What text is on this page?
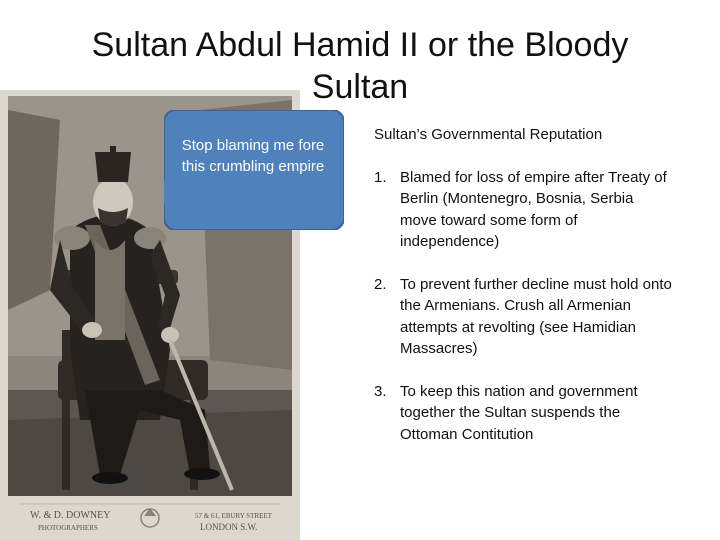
Sultan Abdul Hamid II or the Bloody Sultan
W. & D. DOWNEY
PHOTOGRAPHERS
57 & 61, EBURY STREET
LONDON S.W.
Stop blaming me fore this crumbling empire
Sultan’s Governmental Reputation
1. Blamed for loss of empire after Treaty of Berlin (Montenegro, Bosnia, Serbia move toward some form of independence)
2. To prevent further decline must hold onto the Armenians. Crush all Armenian attempts at revolting (see Hamidian Massacres)
3. To keep this nation and government together the Sultan suspends the Ottoman Contitution
